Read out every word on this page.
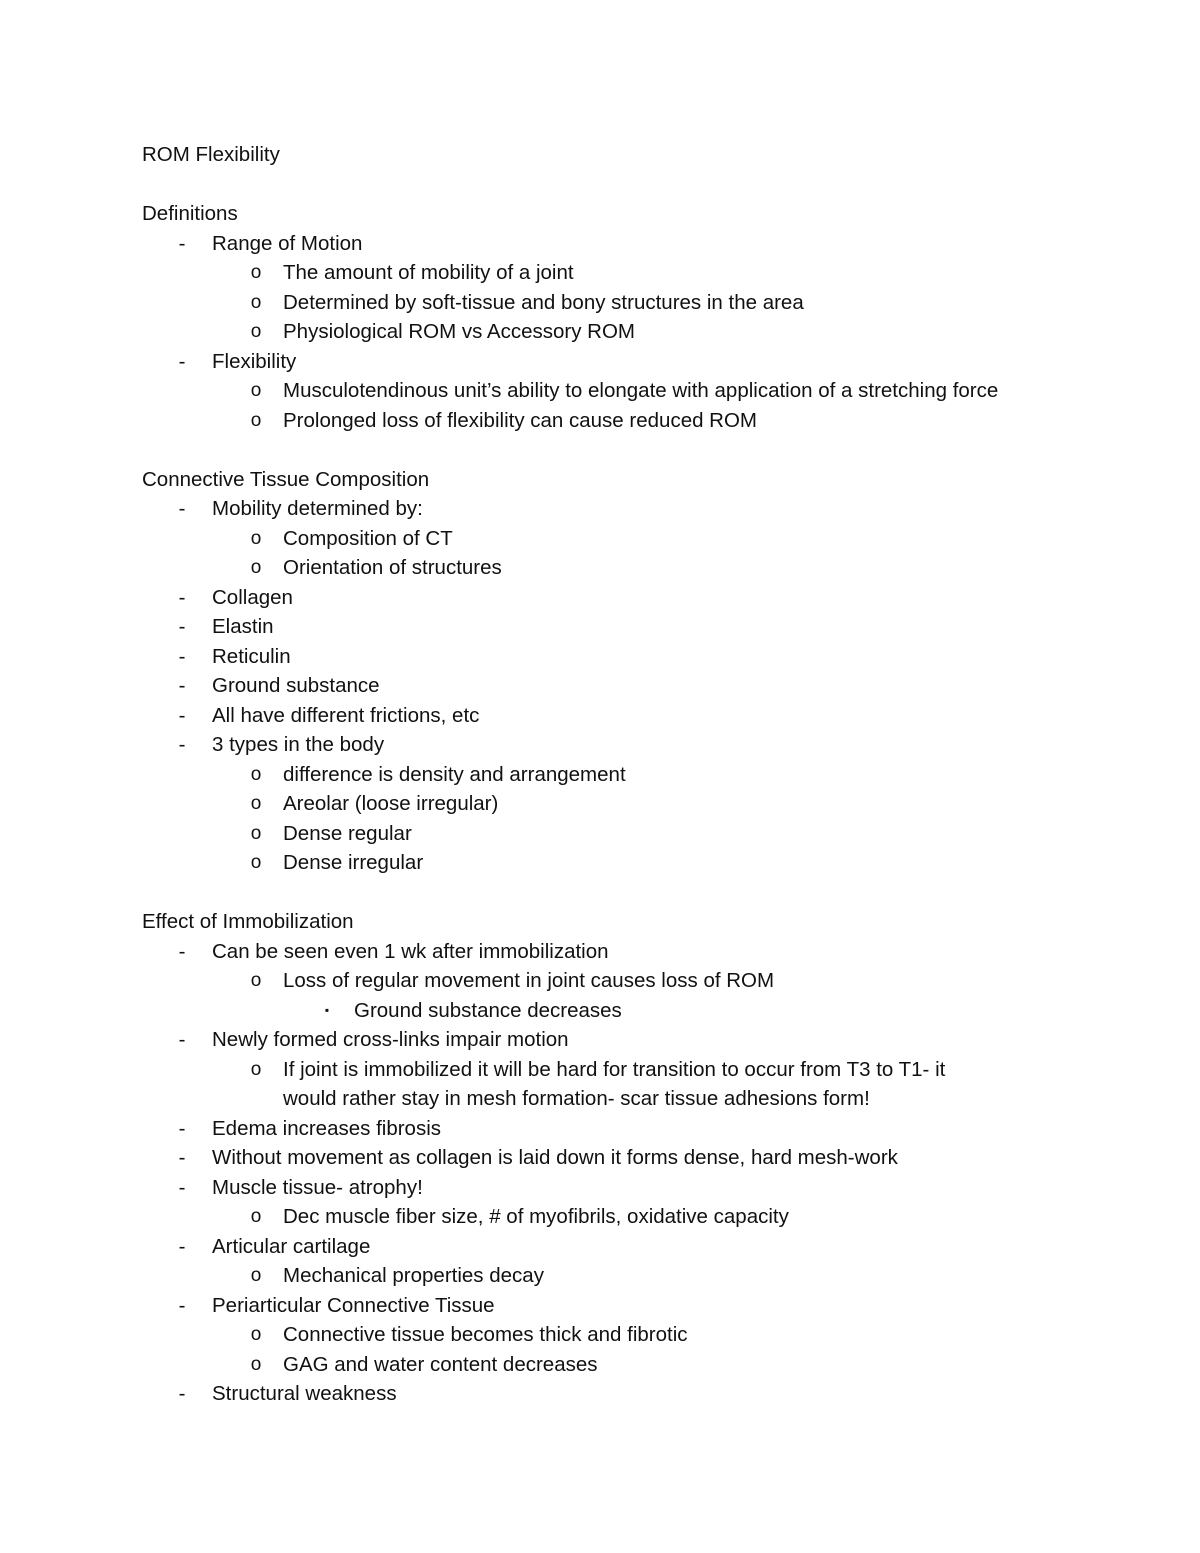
ROM Flexibility
Definitions
- Range of Motion
o The amount of mobility of a joint
o Determined by soft-tissue and bony structures in the area
o Physiological ROM vs Accessory ROM
- Flexibility
o Musculotendinous unit’s ability to elongate with application of a stretching force
o Prolonged loss of flexibility can cause reduced ROM
Connective Tissue Composition
- Mobility determined by:
o Composition of CT
o Orientation of structures
- Collagen
- Elastin
- Reticulin
- Ground substance
- All have different frictions, etc
- 3 types in the body
o difference is density and arrangement
o Areolar (loose irregular)
o Dense regular
o Dense irregular
Effect of Immobilization
- Can be seen even 1 wk after immobilization
o Loss of regular movement in joint causes loss of ROM
▪ Ground substance decreases
- Newly formed cross-links impair motion
o If joint is immobilized it will be hard for transition to occur from T3 to T1- it
would rather stay in mesh formation- scar tissue adhesions form!
- Edema increases fibrosis
- Without movement as collagen is laid down it forms dense, hard mesh-work
- Muscle tissue- atrophy!
o Dec muscle fiber size, # of myofibrils, oxidative capacity
- Articular cartilage
o Mechanical properties decay
- Periarticular Connective Tissue
o Connective tissue becomes thick and fibrotic
o GAG and water content decreases
- Structural weakness
